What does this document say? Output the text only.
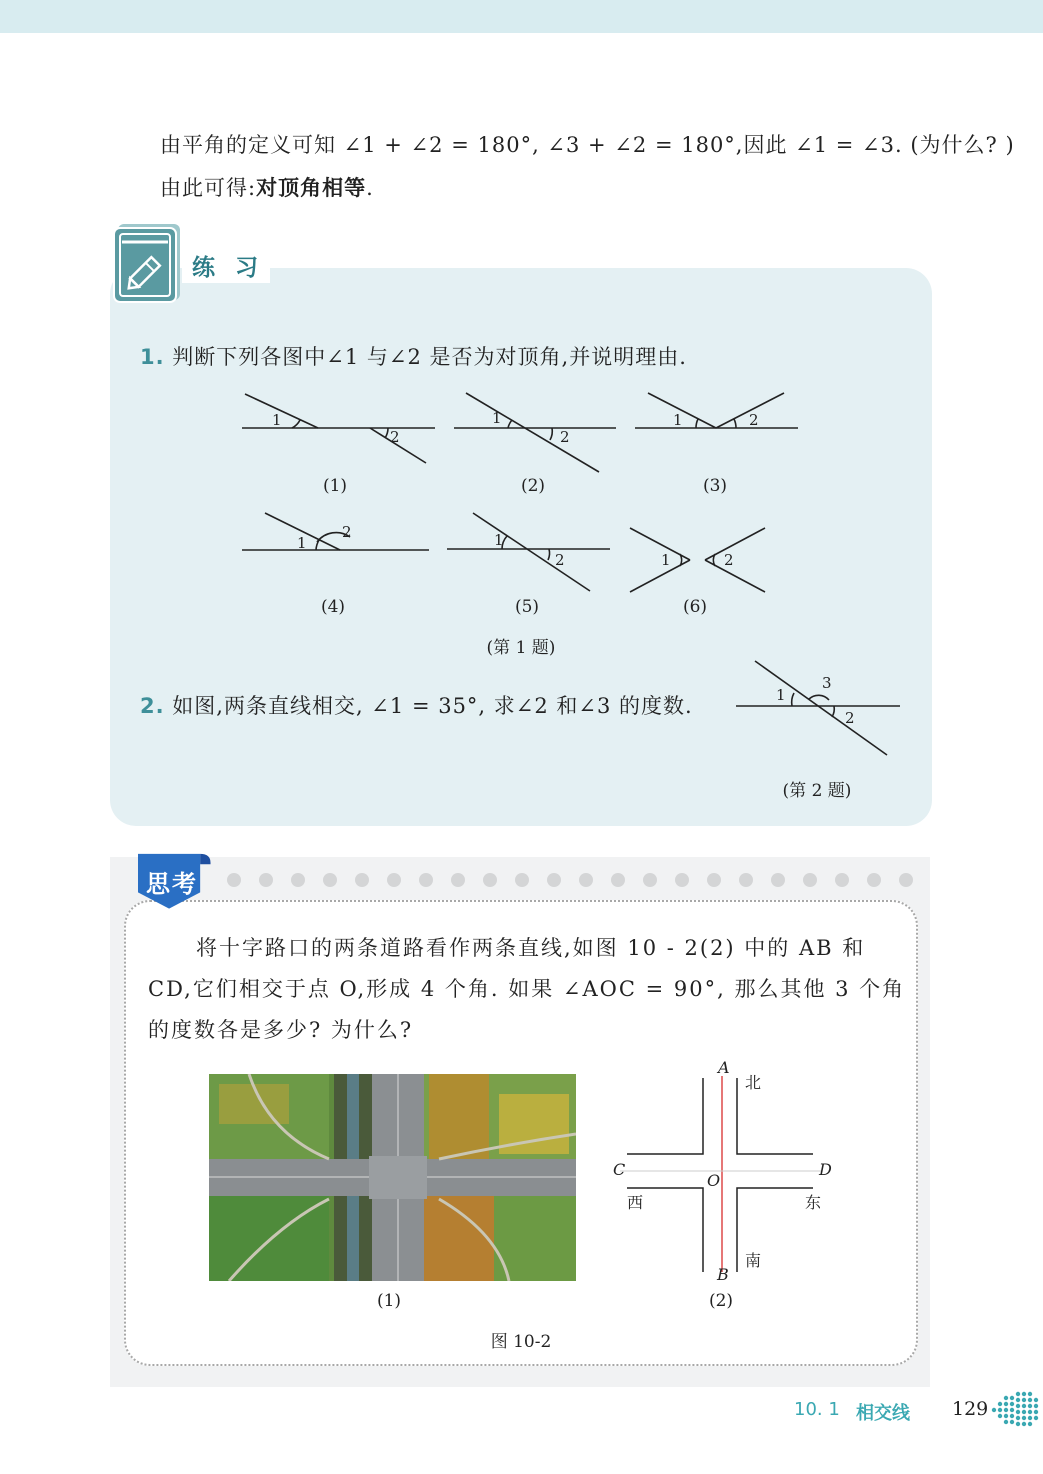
由平角的定义可知 ∠1 + ∠2 = 180°, ∠3 + ∠2 = 180°,因此 ∠1 = ∠3. (为什么? )
由此可得:对顶角相等.
练 习
1. 判断下列各图中∠1 与∠2 是否为对顶角,并说明理由.
1
2
1
2
1	2
1
2	1
2	1	2
(1)	(2)	(3)
(4)	(5)	(6)
(第 1 题)
2. 如图,两条直线相交, ∠1 = 35°, 求∠2 和∠3 的度数.	1
3
2
(第 2 题)
思考
将十字路口的两条道路看作两条直线,如图 10 - 2(2) 中的 AB 和
CD,它们相交于点 O,形成 4 个角. 如果 ∠AOC = 90°, 那么其他 3 个角
的度数各是多少? 为什么?
A
B
C	D
O
北
南
西	东
(1)	(2)
图 10-2
10. 1 相交线 129
